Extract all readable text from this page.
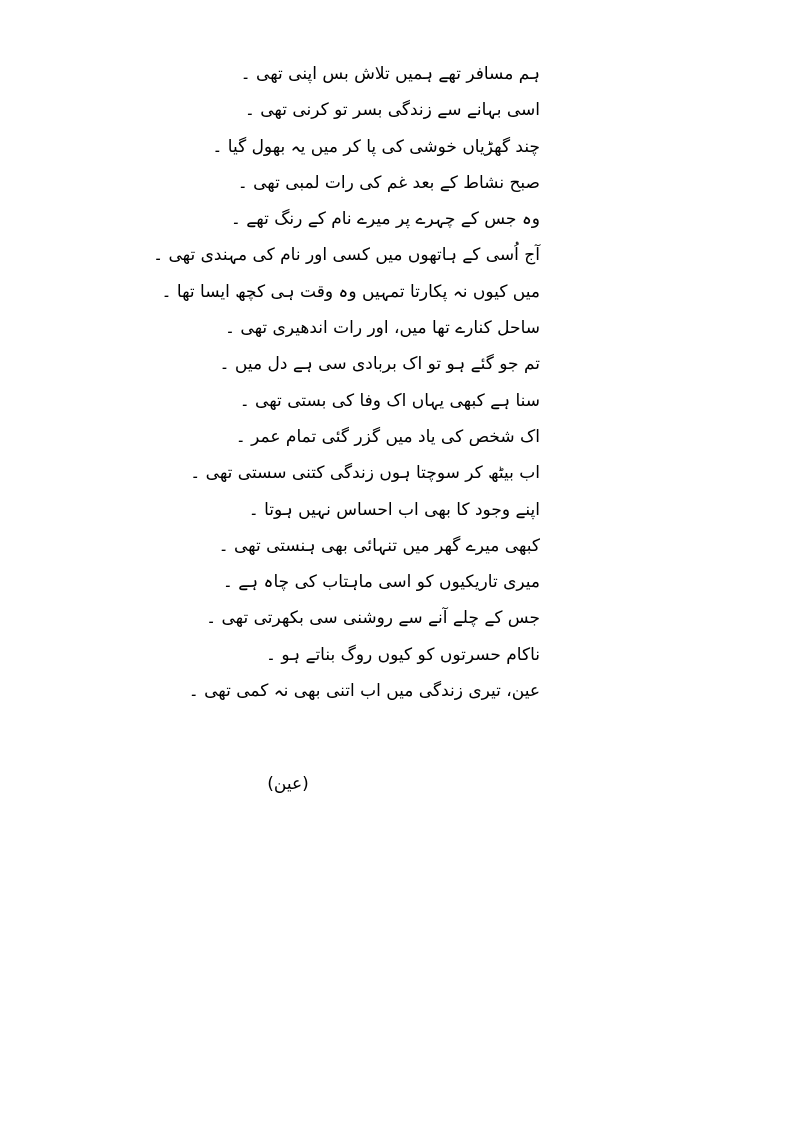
ہم مسافر تھے ہمیں تلاش بس اپنی تھی ۔
اسی بہانے سے زندگی بسر تو کرنی تھی ۔
چند گھڑیاں خوشی کی پا کر میں یہ بھول گیا ۔
صبح نشاط کے بعد غم کی رات لمبی تھی ۔
وہ جس کے چہرے پر میرے نام کے رنگ تھے ۔
آج اُسی کے ہاتھوں میں کسی اور نام کی مہندی تھی ۔
میں کیوں نہ پکارتا تمہیں وہ وقت ہی کچھ ایسا تھا ۔
ساحل کنارے تھا میں، اور رات اندھیری تھی ۔
تم جو گئے ہو تو اک بربادی سی ہے دل میں ۔
سنا ہے کبھی یہاں اک وفا کی بستی تھی ۔
اک شخص کی یاد میں گزر گئی تمام عمر ۔
اب بیٹھ کر سوچتا ہوں زندگی کتنی سستی تھی ۔
اپنے وجود کا بھی اب احساس نہیں ہوتا ۔
کبھی میرے گھر میں تنہائی بھی ہنستی تھی ۔
میری تاریکیوں کو اسی ماہتاب کی چاہ ہے ۔
جس کے چلے آنے سے روشنی سی بکھرتی تھی ۔
ناکام حسرتوں کو کیوں روگ بناتے ہو ۔
عین، تیری زندگی میں اب اتنی بھی نہ کمی تھی ۔
(عین)
